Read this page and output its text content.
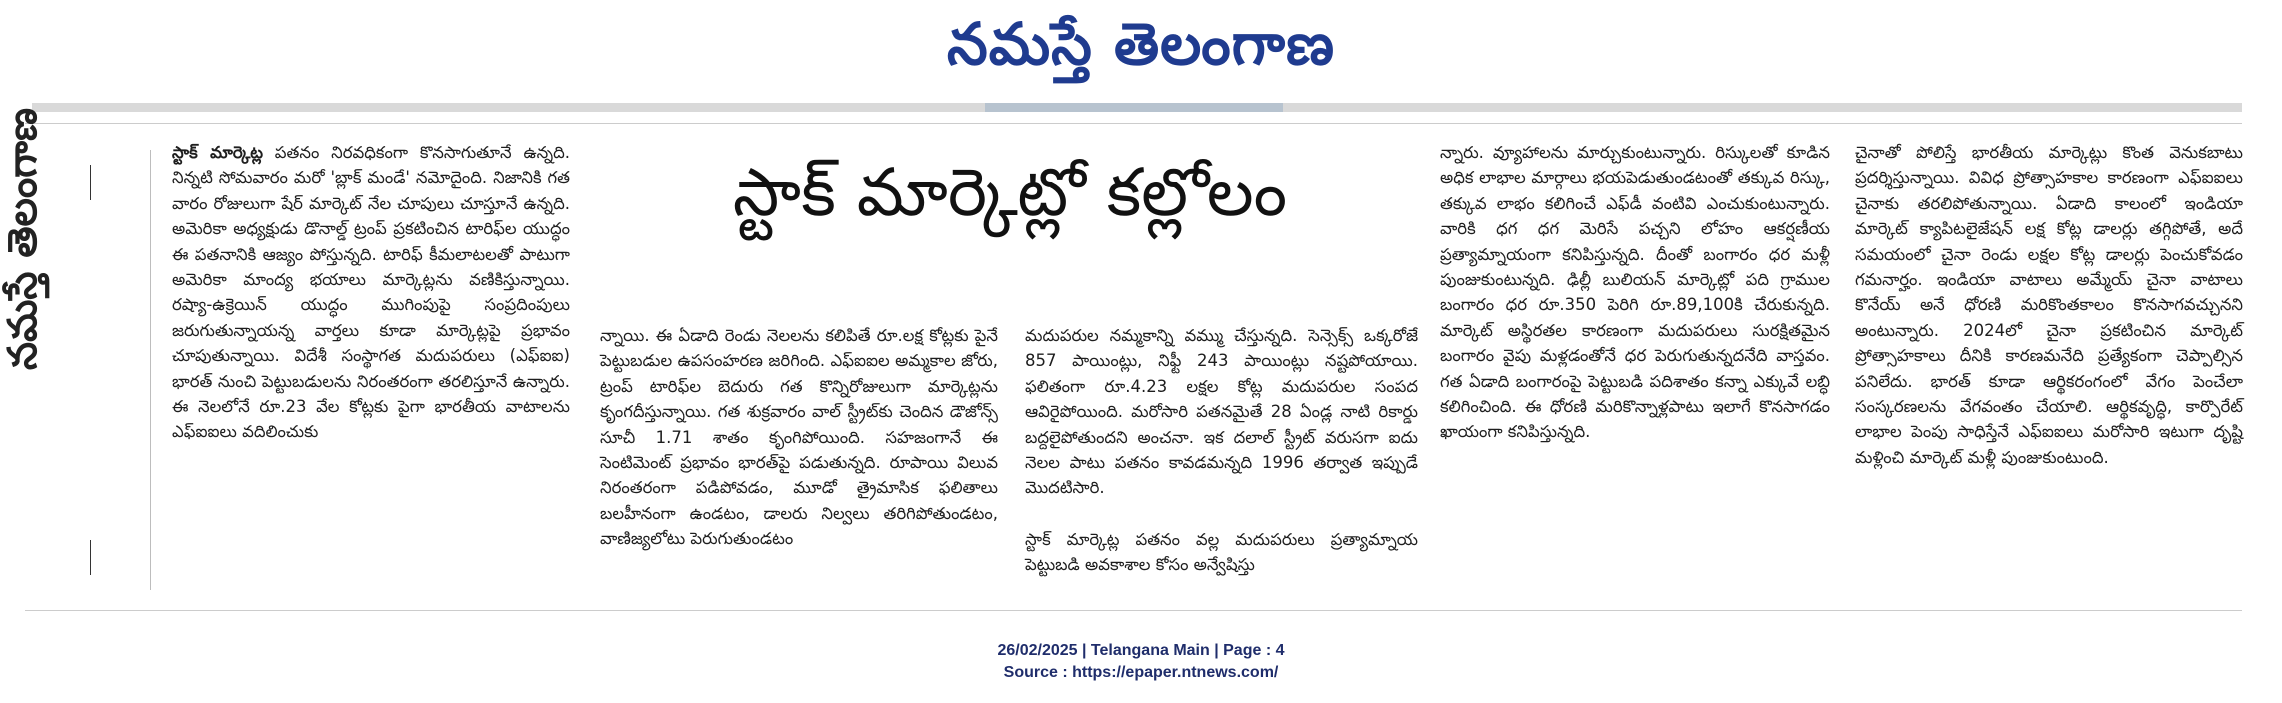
నమస్తే తెలంగాణ
నమస్తే తెలంగాణ	స్టాక్ మార్కెట్లో కల్లోలం

స్టాక్ మార్కెట్ల పతనం నిరవధికంగా కొనసాగుతూనే ఉన్నది. నిన్నటి సోమవారం మరో 'బ్లాక్ మండే' నమోదైంది. నిజానికి గత వారం రోజులుగా షేర్ మార్కెట్ నేల చూపులు చూస్తూనే ఉన్నది. అమెరికా అధ్యక్షుడు డొనాల్డ్ ట్రంప్ ప్రకటించిన టారిఫ్‌ల యుద్ధం ఈ పతనానికి ఆజ్యం పోస్తున్నది. టారిఫ్ కీమలాటలతో పాటుగా అమెరికా మాంద్య భయాలు మార్కెట్లను వణికిస్తున్నాయి. రష్యా-ఉక్రెయిన్ యుద్ధం ముగింపుపై సంప్రదింపులు జరుగుతున్నాయన్న వార్తలు కూడా మార్కెట్లపై ప్రభావం చూపుతున్నాయి. విదేశీ సంస్థాగత మదుపరులు (ఎఫ్‌ఐఐ) భారత్ నుంచి పెట్టుబడులను నిరంతరంగా తరలిస్తూనే ఉన్నారు. ఈ నెలలోనే రూ.23 వేల కోట్లకు పైగా భారతీయ వాటాలను ఎఫ్‌ఐఐలు వదిలించుకు

న్నాయి. ఈ ఏడాది రెండు నెలలను కలిపితే రూ.లక్ష కోట్లకు పైనే పెట్టుబడుల ఉపసంహరణ జరిగింది. ఎఫ్‌ఐఐల అమ్మకాల జోరు, ట్రంప్ టారిఫ్‌ల బెదురు గత కొన్నిరోజులుగా మార్కెట్లను కృంగదీస్తున్నాయి. గత శుక్రవారం వాల్ స్ట్రీట్‌కు చెందిన డౌజోన్స్ సూచీ 1.71 శాతం కృంగిపోయింది. సహజంగానే ఈ సెంటిమెంట్ ప్రభావం భారత్‌పై పడుతున్నది. రూపాయి విలువ నిరంతరంగా పడిపోవడం, మూడో త్రైమాసిక ఫలితాలు బలహీనంగా ఉండటం, డాలరు నిల్వలు తరిగిపోతుండటం, వాణిజ్యలోటు పెరుగుతుండటం

మదుపరుల నమ్మకాన్ని వమ్ము చేస్తున్నది. సెన్సెక్స్ ఒక్కరోజే 857 పాయింట్లు, నిఫ్టీ 243 పాయింట్లు నష్టపోయాయి. ఫలితంగా రూ.4.23 లక్షల కోట్ల మదుపరుల సంపద ఆవిరైపోయింది. మరోసారి పతనమైతే 28 ఏండ్ల నాటి రికార్డు బద్దలైపోతుందని అంచనా. ఇక దలాల్ స్ట్రీట్ వరుసగా ఐదు నెలల పాటు పతనం కావడమన్నది 1996 తర్వాత ఇప్పుడే మొదటిసారి.

స్టాక్ మార్కెట్ల పతనం వల్ల మదుపరులు ప్రత్యామ్నాయ పెట్టుబడి అవకాశాల కోసం అన్వేషిస్తు

న్నారు. వ్యూహాలను మార్చుకుంటున్నారు. రిస్కులతో కూడిన అధిక లాభాల మార్గాలు భయపెడుతుండటంతో తక్కువ రిస్కు, తక్కువ లాభం కలిగించే ఎఫ్‌డీ వంటివి ఎంచుకుంటున్నారు. వారికి ధగ ధగ మెరిసే పచ్చని లోహం ఆకర్షణీయ ప్రత్యామ్నాయంగా కనిపిస్తున్నది. దీంతో బంగారం ధర మళ్లీ పుంజుకుంటున్నది. ఢిల్లీ బులియన్ మార్కెట్లో పది గ్రాముల బంగారం ధర రూ.350 పెరిగి రూ.89,100కి చేరుకున్నది. మార్కెట్ అస్థిరతల కారణంగా మదుపరులు సురక్షితమైన బంగారం వైపు మళ్లడంతోనే ధర పెరుగుతున్నదనేది వాస్తవం. గత ఏడాది బంగారంపై పెట్టుబడి పదిశాతం కన్నా ఎక్కువే లబ్ధి కలిగించింది. ఈ ధోరణి మరికొన్నాళ్లపాటు ఇలాగే కొనసాగడం ఖాయంగా కనిపిస్తున్నది.

చైనాతో పోలిస్తే భారతీయ మార్కెట్లు కొంత వెనుకబాటు ప్రదర్శిస్తున్నాయి. వివిధ ప్రోత్సాహకాల కారణంగా ఎఫ్‌ఐఐలు చైనాకు తరలిపోతున్నాయి. ఏడాది కాలంలో ఇండియా మార్కెట్ క్యాపిటలైజేషన్ లక్ష కోట్ల డాలర్లు తగ్గిపోతే, అదే సమయంలో చైనా రెండు లక్షల కోట్ల డాలర్లు పెంచుకోవడం గమనార్హం. ఇండియా వాటాలు అమ్మేయ్ చైనా వాటాలు కొనేయ్ అనే ధోరణి మరికొంతకాలం కొనసాగవచ్చునని అంటున్నారు. 2024లో చైనా ప్రకటించిన మార్కెట్ ప్రోత్సాహకాలు దీనికి కారణమనేది ప్రత్యేకంగా చెప్పాల్సిన పనిలేదు. భారత్ కూడా ఆర్థికరంగంలో వేగం పెంచేలా సంస్కరణలను వేగవంతం చేయాలి. ఆర్థికవృద్ధి, కార్పొరేట్ లాభాల పెంపు సాధిస్తేనే ఎఫ్‌ఐఐలు మరోసారి ఇటుగా దృష్టి మళ్లించి మార్కెట్ మళ్లీ పుంజుకుంటుంది.

26/02/2025 | Telangana Main | Page : 4
Source : https://epaper.ntnews.com/
